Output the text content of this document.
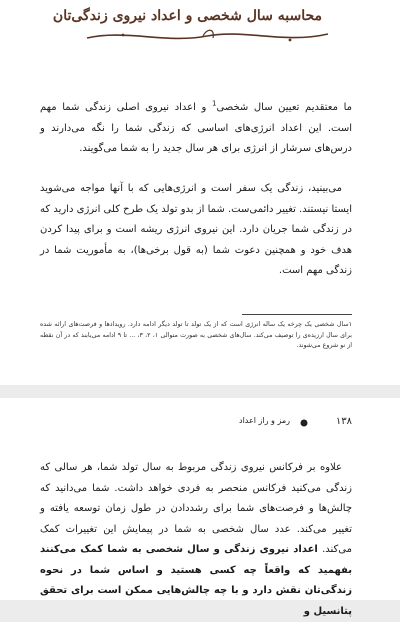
محاسبه سال شخصی و اعداد نیروی زندگی‌تان

ما معتقدیم تعیین سال شخصی$^1$ و اعداد نیروی اصلی زندگی شما مهم است. این اعداد انرژی‌های اساسی که زندگی شما را نگه می‌دارند و درس‌های سرشار از انرژی برای هر سال جدید را به شما می‌گویند.

می‌بینید، زندگی یک سفر است و انرژی‌هایی که با آنها مواجه می‌شوید ایستا نیستند. تغییر دائمی‌ست. شما از بدو تولد یک طرح کلی انرژی دارید که در زندگی شما جریان دارد. این نیروی انرژی ریشه است و برای پیدا کردن هدف خود و همچنین دعوت شما (به قول برخی‌ها)، به مأموریت شما در زندگی مهم است.

۱سال شخصی یک چرخه یک ساله انرژی است که از یک تولد تا تولد دیگر ادامه دارد. رویدادها و فرصت‌های ارائه شده برای سال ارزیده‌ی را توصیف می‌کند. سال‌های شخصی به صورت متوالی ۱، ۲، ۳، ... تا ۹ ادامه می‌یابند که در آن نقطه از نو شروع می‌شوند.
۱۳۸
رمز و راز اعداد

علاوه بر فرکانس نیروی زندگی مربوط به سال تولد شما، هر سالی که زندگی می‌کنید فرکانس منحصر به فردی خواهد داشت. شما می‌دانید که چالش‌ها و فرصت‌های شما برای رشددادن در طول زمان توسعه یافته و تغییر می‌کند. عدد سال شخصی به شما در پیمایش این تغییرات کمک می‌کند. اعداد نیروی زندگی و سال شخصی به شما کمک می‌کنند بفهمید که واقعاً چه کسی هستید و اساس شما در نحوه زندگی‌تان نقش دارد و با چه چالش‌هایی ممکن است برای تحقق پتانسیل و
